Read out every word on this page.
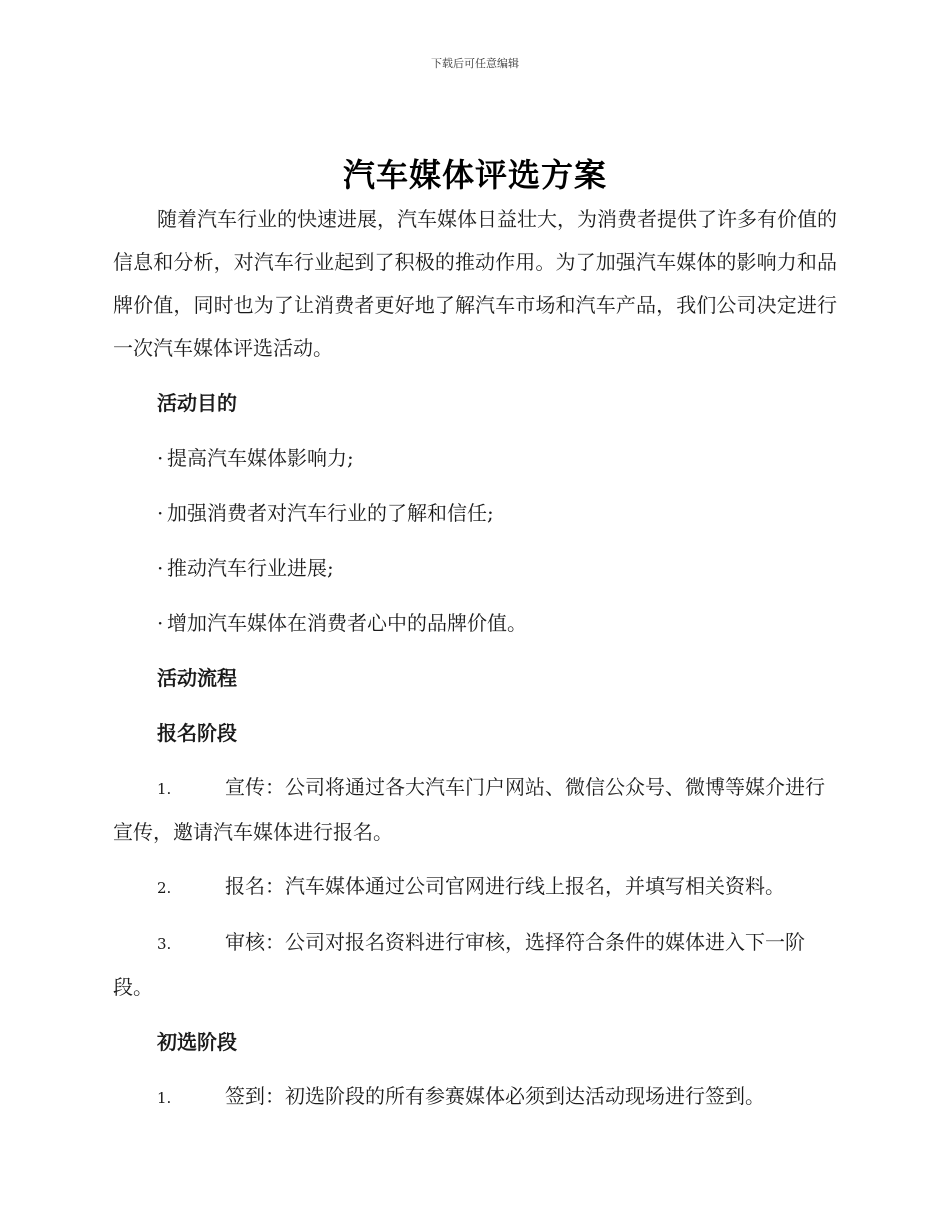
下载后可任意编辑
汽车媒体评选方案

随着汽车行业的快速进展，汽车媒体日益壮大，为消费者提供了许多有价值的信息和分析，对汽车行业起到了积极的推动作用。为了加强汽车媒体的影响力和品牌价值，同时也为了让消费者更好地了解汽车市场和汽车产品，我们公司决定进行一次汽车媒体评选活动。

活动目的
· 提高汽车媒体影响力;
· 加强消费者对汽车行业的了解和信任;
· 推动汽车行业进展;
· 增加汽车媒体在消费者心中的品牌价值。
活动流程
报名阶段
1.	宣传：公司将通过各大汽车门户网站、微信公众号、微博等媒介进行宣传，邀请汽车媒体进行报名。
2.	报名：汽车媒体通过公司官网进行线上报名，并填写相关资料。
3.	审核：公司对报名资料进行审核，选择符合条件的媒体进入下一阶段。
初选阶段
1.	签到：初选阶段的所有参赛媒体必须到达活动现场进行签到。
